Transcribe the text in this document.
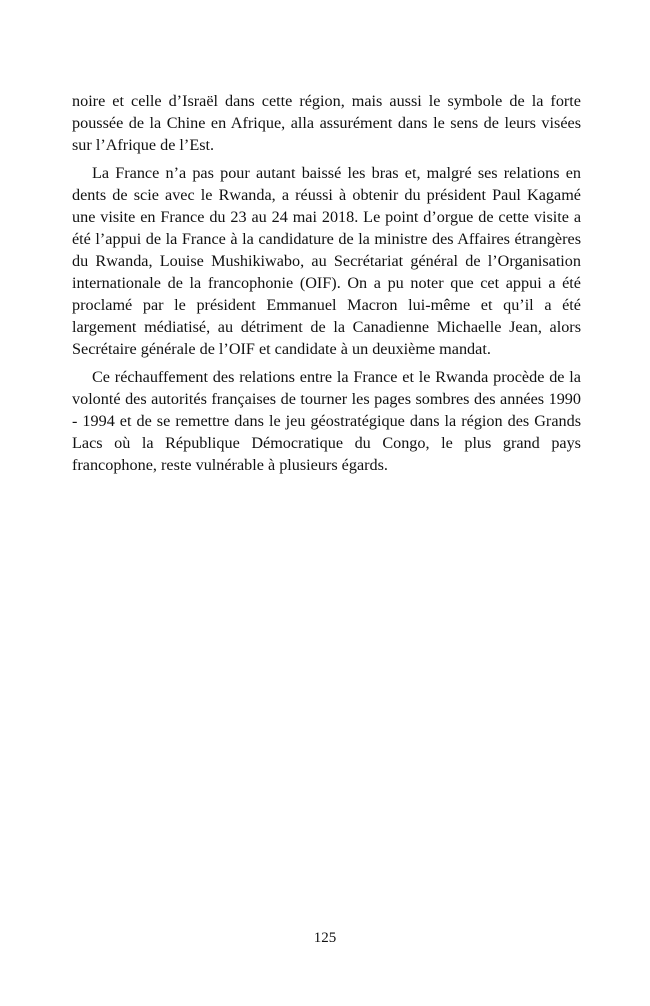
noire et celle d’Israël dans cette région, mais aussi le symbole de la forte poussée de la Chine en Afrique, alla assurément dans le sens de leurs visées sur l’Afrique de l’Est.

La France n’a pas pour autant baissé les bras et, malgré ses relations en dents de scie avec le Rwanda, a réussi à obtenir du président Paul Kagamé une visite en France du 23 au 24 mai 2018. Le point d’orgue de cette visite a été l’appui de la France à la candidature de la ministre des Affaires étrangères du Rwanda, Louise Mushikiwabo, au Secrétariat général de l’Organisation internationale de la francophonie (OIF). On a pu noter que cet appui a été proclamé par le président Emmanuel Macron lui-même et qu’il a été largement médiatisé, au détriment de la Canadienne Michaelle Jean, alors Secrétaire générale de l’OIF et candidate à un deuxième mandat.

Ce réchauffement des relations entre la France et le Rwanda procède de la volonté des autorités françaises de tourner les pages sombres des années 1990 - 1994 et de se remettre dans le jeu géostratégique dans la région des Grands Lacs où la République Démocratique du Congo, le plus grand pays francophone, reste vulnérable à plusieurs égards.

125
